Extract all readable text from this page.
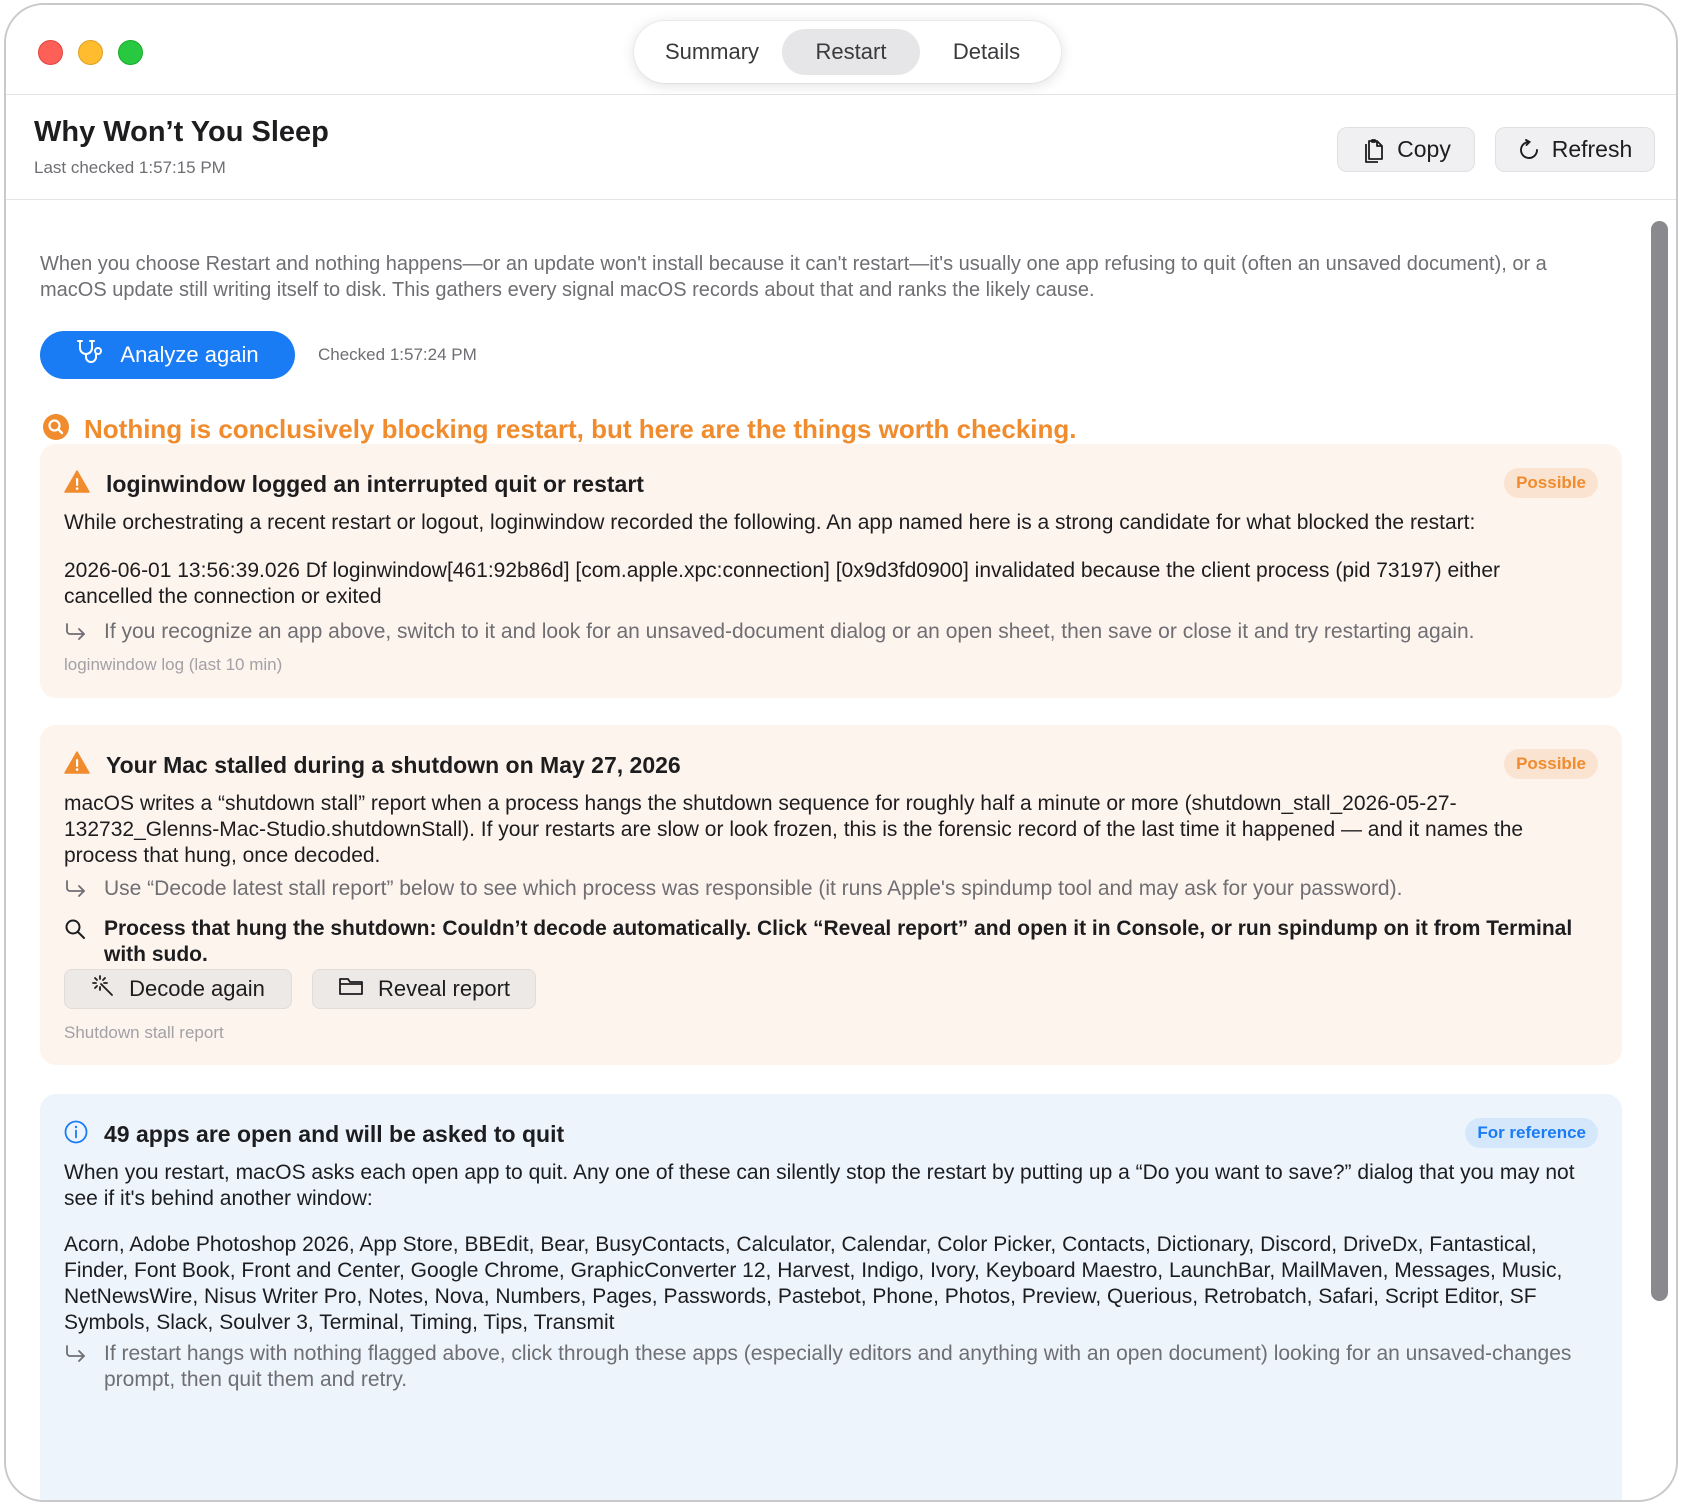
Summary	Restart	Details
Why Won’t You Sleep
Last checked 1:57:15 PM
Copy	Refresh
When you choose Restart and nothing happens—or an update won't install because it can't restart—it's usually one app refusing to quit (often an unsaved document), or a macOS update still writing itself to disk. This gathers every signal macOS records about that and ranks the likely cause.
Analyze again	Checked 1:57:24 PM
Nothing is conclusively blocking restart, but here are the things worth checking.
loginwindow logged an interrupted quit or restart	Possible
While orchestrating a recent restart or logout, loginwindow recorded the following. An app named here is a strong candidate for what blocked the restart:
2026-06-01 13:56:39.026 Df loginwindow[461:92b86d] [com.apple.xpc:connection] [0x9d3fd0900] invalidated because the client process (pid 73197) either cancelled the connection or exited
If you recognize an app above, switch to it and look for an unsaved-document dialog or an open sheet, then save or close it and try restarting again.
loginwindow log (last 10 min)
Your Mac stalled during a shutdown on May 27, 2026	Possible
macOS writes a “shutdown stall” report when a process hangs the shutdown sequence for roughly half a minute or more (shutdown_stall_2026-05-27-132732_Glenns-Mac-Studio.shutdownStall). If your restarts are slow or look frozen, this is the forensic record of the last time it happened — and it names the process that hung, once decoded.
Use “Decode latest stall report” below to see which process was responsible (it runs Apple's spindump tool and may ask for your password).
Process that hung the shutdown: Couldn’t decode automatically. Click “Reveal report” and open it in Console, or run spindump on it from Terminal with sudo.
Decode again	Reveal report
Shutdown stall report
49 apps are open and will be asked to quit	For reference
When you restart, macOS asks each open app to quit. Any one of these can silently stop the restart by putting up a “Do you want to save?” dialog that you may not see if it's behind another window:
Acorn, Adobe Photoshop 2026, App Store, BBEdit, Bear, BusyContacts, Calculator, Calendar, Color Picker, Contacts, Dictionary, Discord, DriveDx, Fantastical, Finder, Font Book, Front and Center, Google Chrome, GraphicConverter 12, Harvest, Indigo, Ivory, Keyboard Maestro, LaunchBar, MailMaven, Messages, Music, NetNewsWire, Nisus Writer Pro, Notes, Nova, Numbers, Pages, Passwords, Pastebot, Phone, Photos, Preview, Querious, Retrobatch, Safari, Script Editor, SF Symbols, Slack, Soulver 3, Terminal, Timing, Tips, Transmit
If restart hangs with nothing flagged above, click through these apps (especially editors and anything with an open document) looking for an unsaved-changes prompt, then quit them and retry.
